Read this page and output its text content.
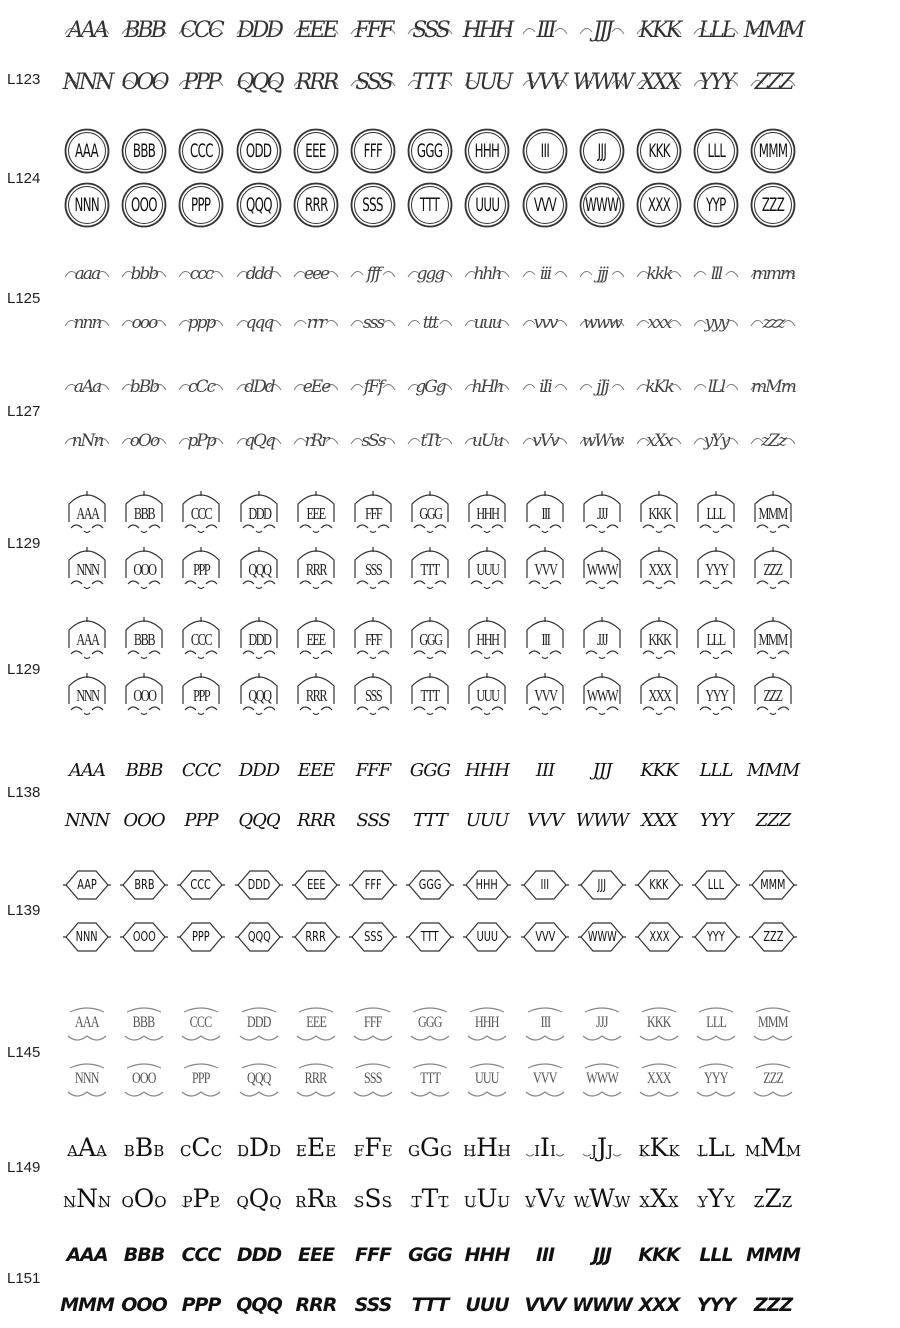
L123
AAA BBB CCC DDD EEE FFF SSS HHH III JJJ KKK LLL MMM
NNN OOO PPP QQQ RRR SSS TTT UUU VVV WWW XXX YYY ZZZ
L124
AAA BBB CCC ODD EEE FFF GGG HHH III	JJJ KKK LLL MMM
NNN OOO PPP QQQ RRR SSS TTT UUU VVV WWW XXX YYP ZZZ
L125
aaa bbb ccc ddd eee fff ggg hhh iii	jjj kkk lll mmm
nnn ooo ppp qqq rrr sss ttt uuu vvv www xxx yyy zzz
L127
aAa bBb cCc dDd eEe fFf gGg hHh iIi	jJj kKk lLl mMm
nNn oOo pPp qQq rRr sSs tTt uUu vVv wWw xXx yYy zZz
L129
AAA BBB CCC DDD EEE FFF GGG HHH	III	JJJ KKK LLL MMM
NNN OOO PPP QQQ RRR SSS TTT UUU VVV WWW XXX YYY ZZZ
L129
AAA BBB CCC DDD EEE FFF GGG HHH	III	JJJ KKK LLL MMM
NNN OOO PPP QQQ RRR SSS TTT UUU VVV WWW XXX YYY ZZZ
L138
AAA BBB CCC DDD EEE FFF GGG HHH III JJJ KKK LLL MMM
NNN OOO PPP QQQ RRR SSS TTT UUU VVV WWW XXX YYY ZZZ
L139
AAP	BRB	CCC	DDD	EEE	FFF	GGG	HHH	III	JJJ	KKK	LLL	MMM
NNN	OOO	PPP	QQQ	RRR	SSS	TTT	UUU	VVV	WWW	XXX	YYY	ZZZ
L145
AAA BBB CCC DDD EEE FFF GGG HHH	III	JJJ KKK LLL MMM
NNN OOO PPP QQQ RRR SSS TTT UUU VVV WWW XXX YYY ZZZ
L149
AAA BBB CCC DDD EEE FFF GGG HHH III JJJ KKK LLL MMM
NNN OOO PPP QQQ RRR SSS TTT UUU VVV WWW XXX YYY ZZZ
L151
AAA BBB CCC DDD EEE FFF GGG HHH III JJJ KKK LLL MMM
MMM OOO PPP QQQ RRR SSS TTT UUU VVV WWW XXX YYY ZZZ
